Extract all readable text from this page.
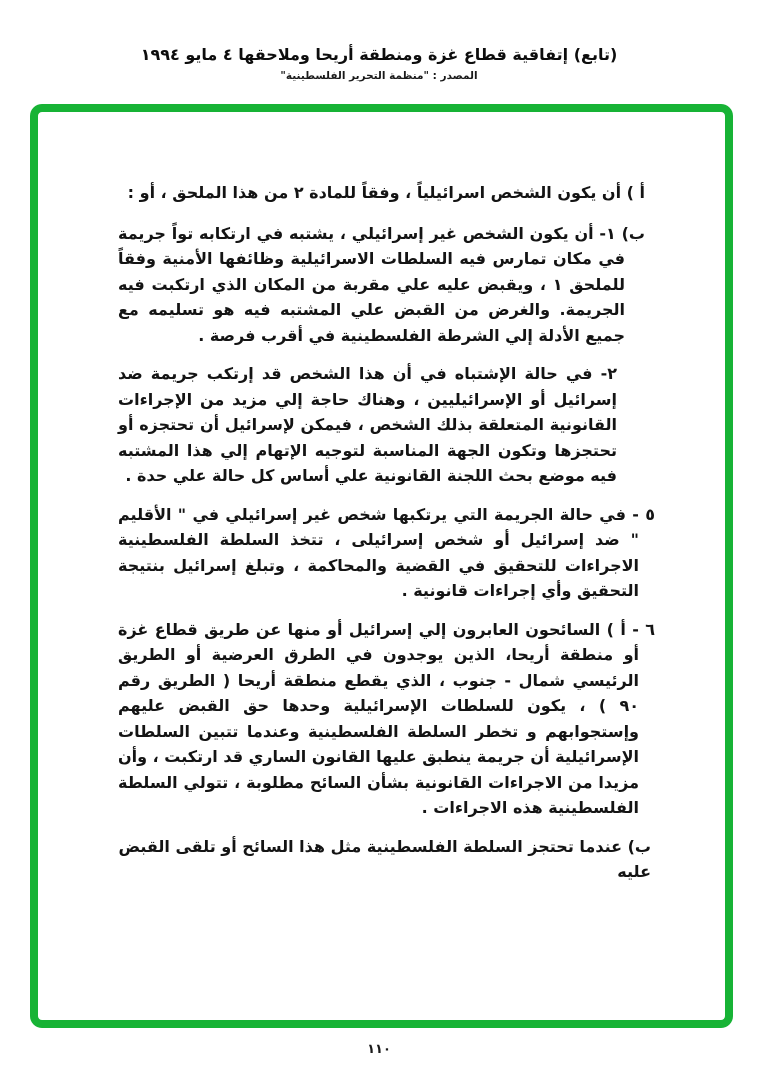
(تابع) إتفاقية قطاع غزة ومنطقة أريحا وملاحقها ٤ مايو ١٩٩٤
المصدر : "منظمة التحرير الفلسطينية"
أ ) أن يكون الشخص اسرائيلياً ، وفقاً للمادة ٢ من هذا الملحق ، أو :
ب) ١- أن يكون الشخص غير إسرائيلي ، يشتبه في ارتكابه تواً جريمة في مكان تمارس فيه السلطات الاسرائيلية وظائفها الأمنية وفقاً للملحق ١ ، ويقبض عليه علي مقربة من المكان الذي ارتكبت فيه الجريمة. والغرض من القبض علي المشتبه فيه هو تسليمه مع جميع الأدلة إلي الشرطة الفلسطينية في أقرب فرصة .
٢- في حالة الإشتباه في أن هذا الشخص قد إرتكب جريمة ضد إسرائيل أو الإسرائيليين ، وهناك حاجة إلي مزيد من الإجراءات القانونية المتعلقة بذلك الشخص ، فيمكن لإسرائيل أن تحتجزه أو تحتجزها وتكون الجهة المناسبة لتوجيه الإتهام إلي هذا المشتبه فيه موضع بحث اللجنة القانونية علي أساس كل حالة علي حدة .
٥ - في حالة الجريمة التي يرتكبها شخص غير إسرائيلي في " الأقليم " ضد إسرائيل أو شخص إسرائيلى ، تتخذ السلطة الفلسطينية الاجراءات للتحقيق في القضية والمحاكمة ، وتبلغ إسرائيل بنتيجة التحقيق وأي إجراءات قانونية .
٦ - أ ) السائحون العابرون إلي إسرائيل أو منها عن طريق قطاع غزة أو منطقة أريحا، الذين يوجدون في الطرق العرضية أو الطريق الرئيسي شمال - جنوب ، الذي يقطع منطقة أريحا ( الطريق رقم ٩٠ ) ، يكون للسلطات الإسرائيلية وحدها حق القبض عليهم وإستجوابهم و تخطر السلطة الفلسطينية وعندما تتبين السلطات الإسرائيلية أن جريمة ينطبق عليها القانون الساري قد ارتكبت ، وأن مزيدا من الاجراءات القانونية بشأن السائح مطلوبة ، تتولي السلطة الفلسطينية هذه الاجراءات .
ب) عندما تحتجز السلطة الفلسطينية مثل هذا السائح أو تلقى القبض عليه
١١٠
